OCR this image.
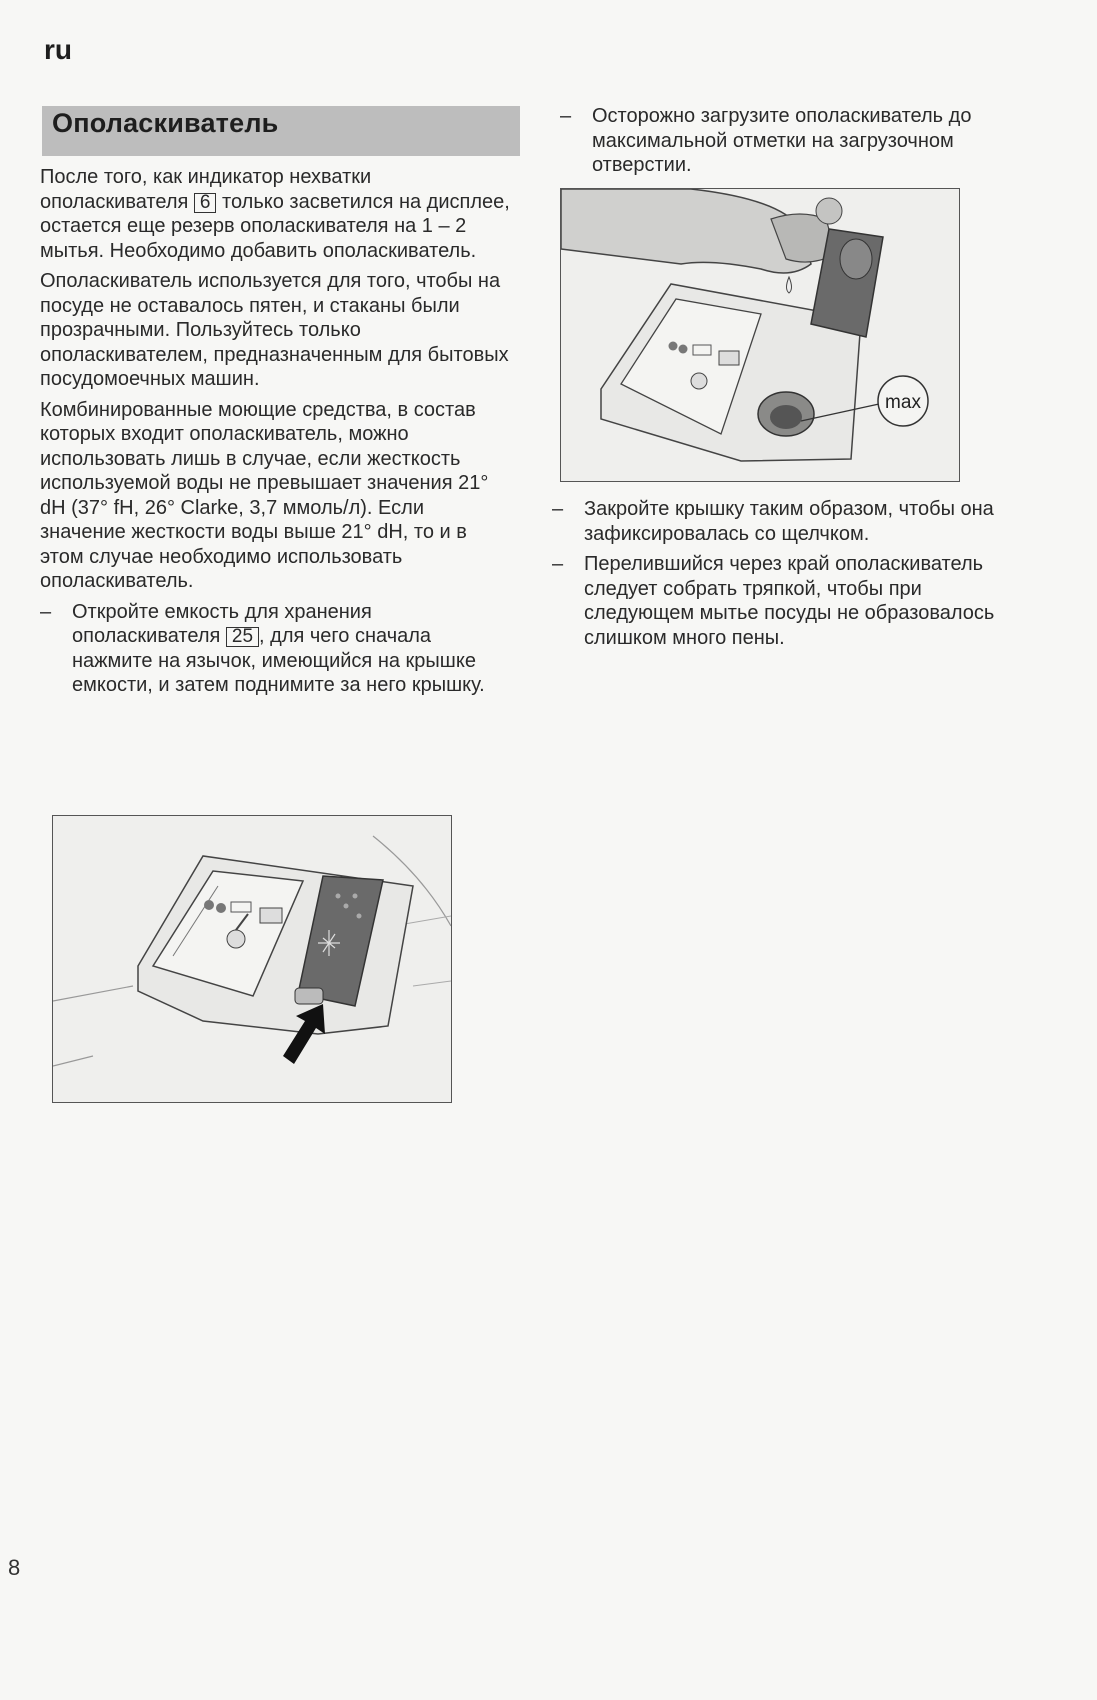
ru
Ополаскиватель

После того, как индикатор нехватки ополаскивателя 6 только засветился на дисплее, остается еще резерв ополаскивателя на 1 – 2 мытья. Необходимо добавить ополаскиватель.

Ополаскиватель используется для того, чтобы на посуде не оставалось пятен, и стаканы были прозрачными. Пользуйтесь только ополаскивателем, предназначенным для бытовых посудомоечных машин.

Комбинированные моющие средства, в состав которых входит ополаскиватель, можно использовать лишь в случае, если жесткость используемой воды не превышает значения 21° dH (37° fH, 26° Clarke, 3,7 ммоль/л). Если значение жесткости воды выше 21° dH, то и в этом случае необходимо использовать ополаскиватель.

– Откройте емкость для хранения ополаскивателя 25 , для чего сначала нажмите на язычок, имеющийся на крышке емкости, и затем поднимите за него крышку.
– Осторожно загрузите ополаскиватель до максимальной отметки на загрузочном отверстии.
max
– Закройте крышку таким образом, чтобы она зафиксировалась со щелчком.
– Перелившийся через край ополаскиватель следует собрать тряпкой, чтобы при следующем мытье посуды не образовалось слишком много пены.
8
